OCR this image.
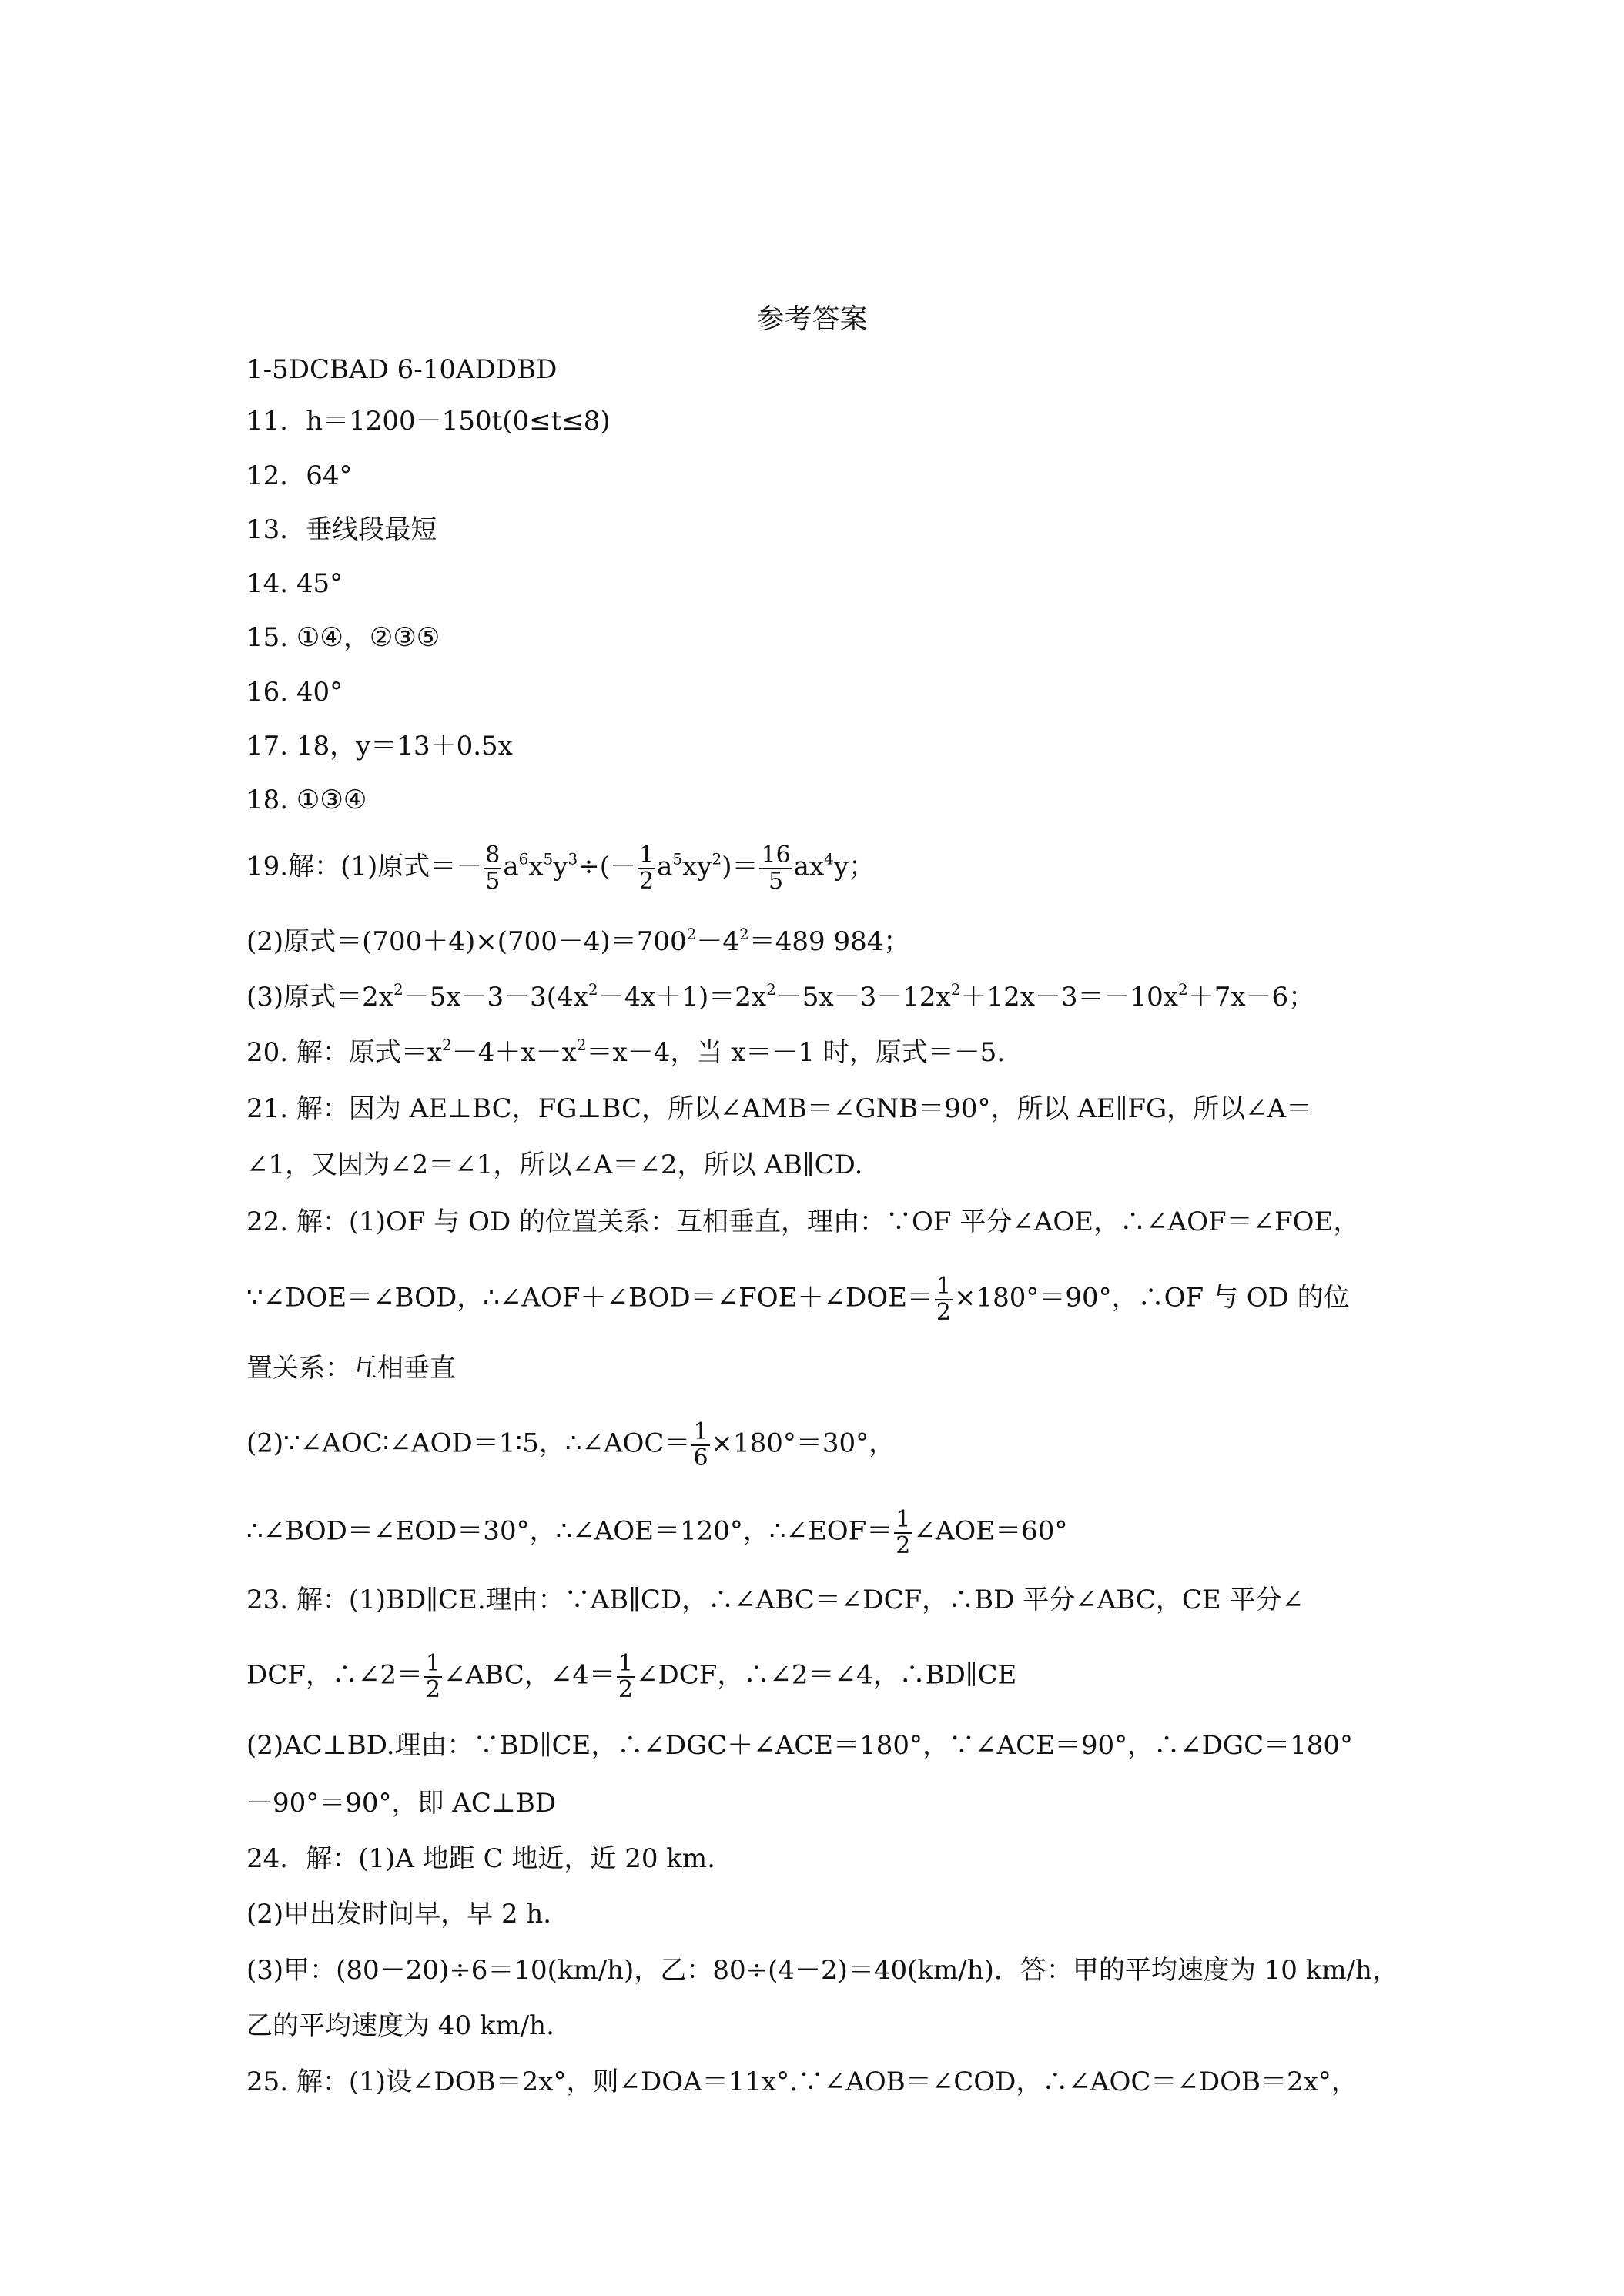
参考答案
1-5DCBAD 6-10ADDBD
11．h＝1200－150t(0≤t≤8)
12．64°
13．垂线段最短
14. 45°
15. ①④，②③⑤
16. 40°
17. 18，y＝13＋0.5x
18. ①③④
19.解：(1)原式＝－ $\frac{8}{5} a^6x^5y^3\div(- \frac{1}{2} a^5xy^2)= \frac{16}{5} ax^4y$；
(2)原式$=(700+4)\times(700-4)=700^2-4^2=489$ 984；
(3)原式$=2x^2-5x-3-3(4x^2-4x+1)=2x^2-5x-3-12x^2+12x-3=-10x^2+7x-6$；
20. 解：原式$=x^2-4+x-x^2=x-4$，当 x＝－1 时，原式＝－5.
21. 解：因为 AE⊥BC，FG⊥BC，所以∠AMB＝∠GNB＝90°，所以 AE∥FG，所以∠A＝
∠1，又因为∠2＝∠1，所以∠A＝∠2，所以 AB∥CD.
22. 解：(1)OF 与 OD 的位置关系：互相垂直，理由：∵OF 平分∠AOE，∴∠AOF＝∠FOE，
∵∠DOE＝∠BOD，∴∠AOF＋∠BOD＝∠FOE＋∠DOE＝ $\frac{1}{2} \times 180^\circ=90^\circ$，∴OF 与 OD 的位
置关系：互相垂直
(2)∵∠AOC∶∠AOD＝1∶5，∴∠AOC＝ $\frac{1}{6} \times 180^\circ=30^\circ$，
∴∠BOD＝∠EOD＝30°，∴∠AOE＝120°，∴∠EOF＝ $\frac{1}{2}$ ∠AOE＝60°
23. 解：(1)BD∥CE.理由：∵AB∥CD，∴∠ABC＝∠DCF，∴BD 平分∠ABC，CE 平分∠
DCF，∴∠2＝ $\frac{1}{2}$ ∠ABC，∠4＝ $\frac{1}{2}$ ∠DCF，∴∠2＝∠4，∴BD∥CE
(2)AC⊥BD.理由：∵BD∥CE，∴∠DGC＋∠ACE＝180°，∵∠ACE＝90°，∴∠DGC＝180°
－90°＝90°，即 AC⊥BD
24．解：(1)A 地距 C 地近，近 20 km.
(2)甲出发时间早，早 2 h.
(3)甲：(80－20)÷6＝10(km/h)，乙：80÷(4－2)＝40(km/h)．答：甲的平均速度为 10 km/h，
乙的平均速度为 40 km/h.
25. 解：(1)设∠DOB＝2x°，则∠DOA＝11x°.∵∠AOB＝∠COD，∴∠AOC＝∠DOB＝2x°，
